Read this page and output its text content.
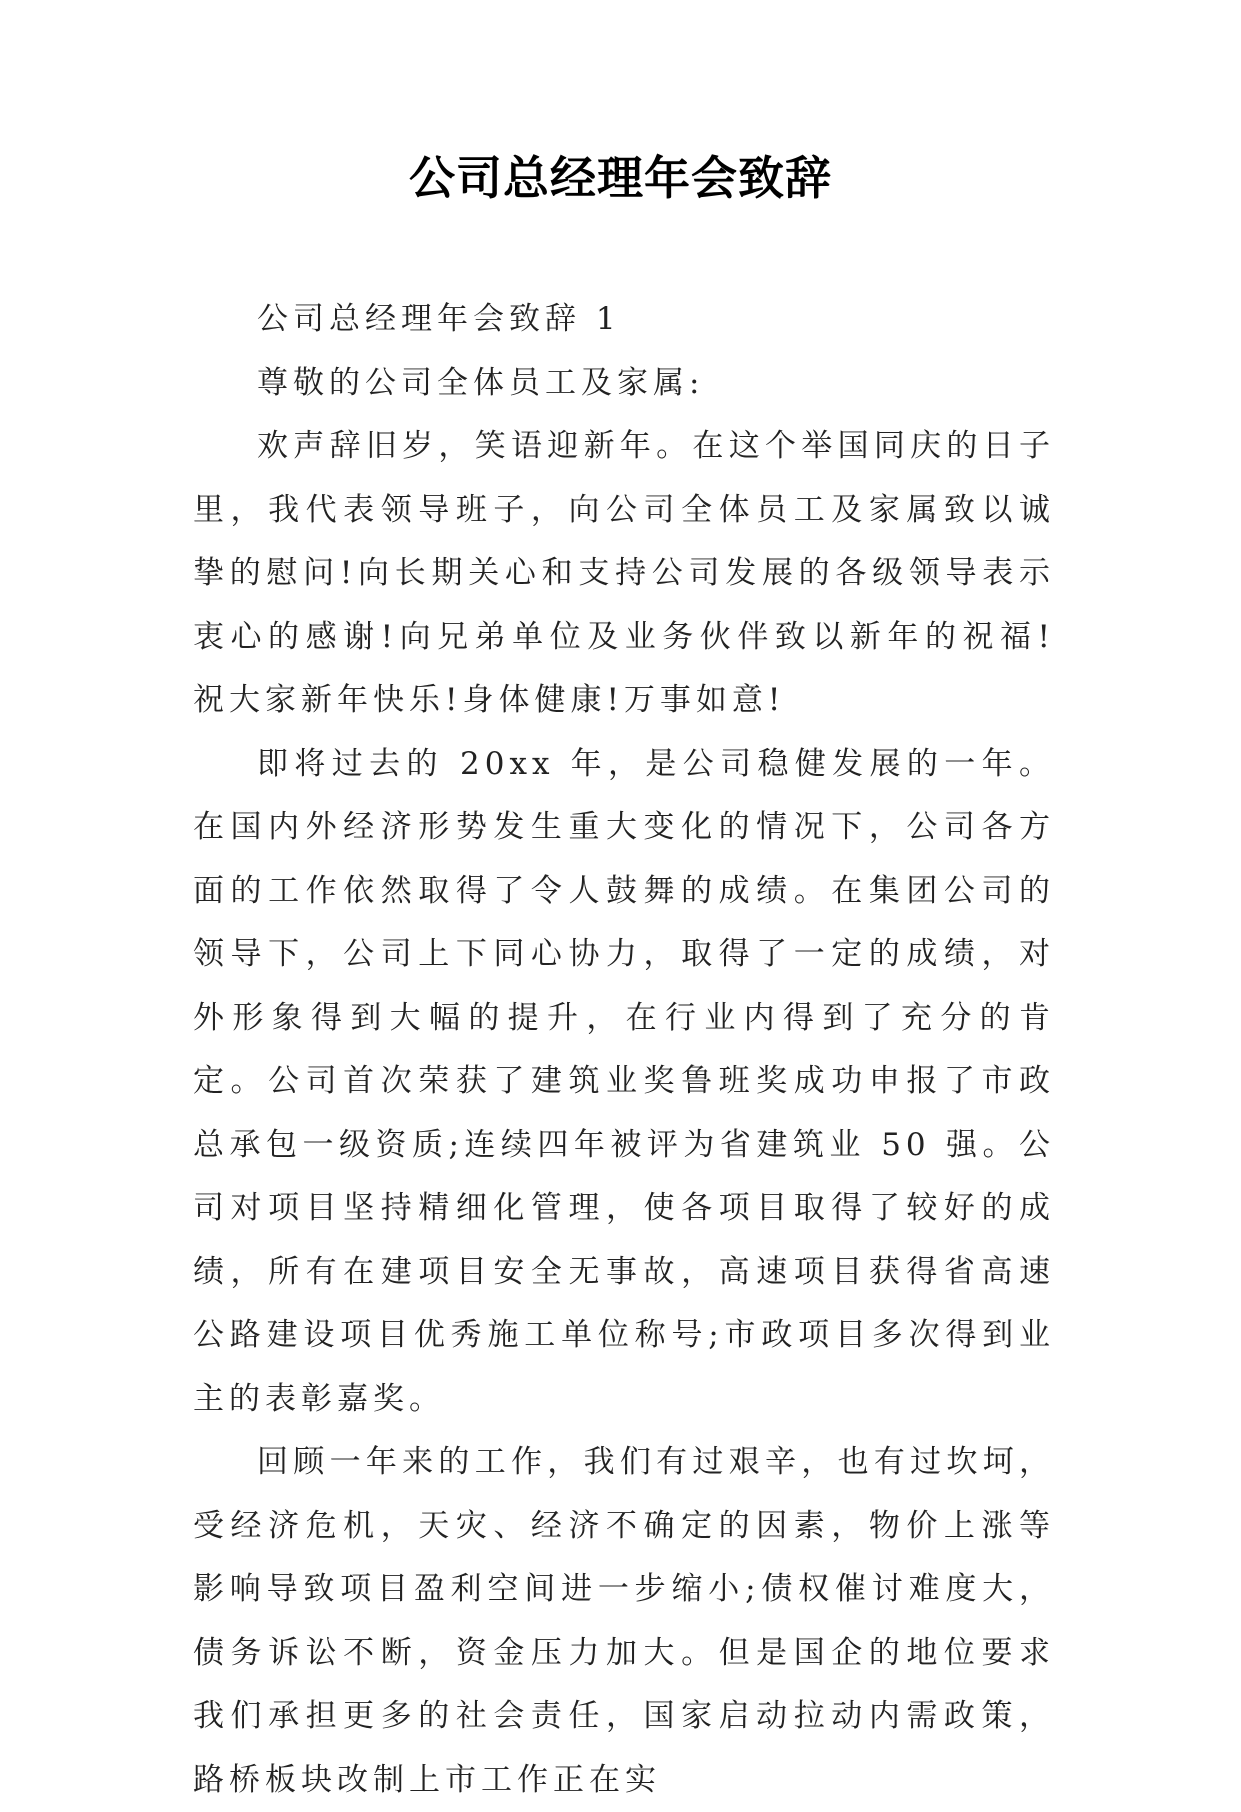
公司总经理年会致辞

公司总经理年会致辞 1

尊敬的公司全体员工及家属:

欢声辞旧岁，笑语迎新年。在这个举国同庆的日子里，我代表领导班子，向公司全体员工及家属致以诚挚的慰问!向长期关心和支持公司发展的各级领导表示衷心的感谢!向兄弟单位及业务伙伴致以新年的祝福!祝大家新年快乐!身体健康!万事如意!

即将过去的 20xx 年，是公司稳健发展的一年。在国内外经济形势发生重大变化的情况下，公司各方面的工作依然取得了令人鼓舞的成绩。在集团公司的领导下，公司上下同心协力，取得了一定的成绩，对外形象得到大幅的提升，在行业内得到了充分的肯定。公司首次荣获了建筑业奖鲁班奖成功申报了市政总承包一级资质;连续四年被评为省建筑业 50 强。公司对项目坚持精细化管理，使各项目取得了较好的成绩，所有在建项目安全无事故，高速项目获得省高速公路建设项目优秀施工单位称号;市政项目多次得到业主的表彰嘉奖。

回顾一年来的工作，我们有过艰辛，也有过坎坷，受经济危机，天灾、经济不确定的因素，物价上涨等影响导致项目盈利空间进一步缩小;债权催讨难度大，债务诉讼不断，资金压力加大。但是国企的地位要求我们承担更多的社会责任，国家启动拉动内需政策，路桥板块改制上市工作正在实
